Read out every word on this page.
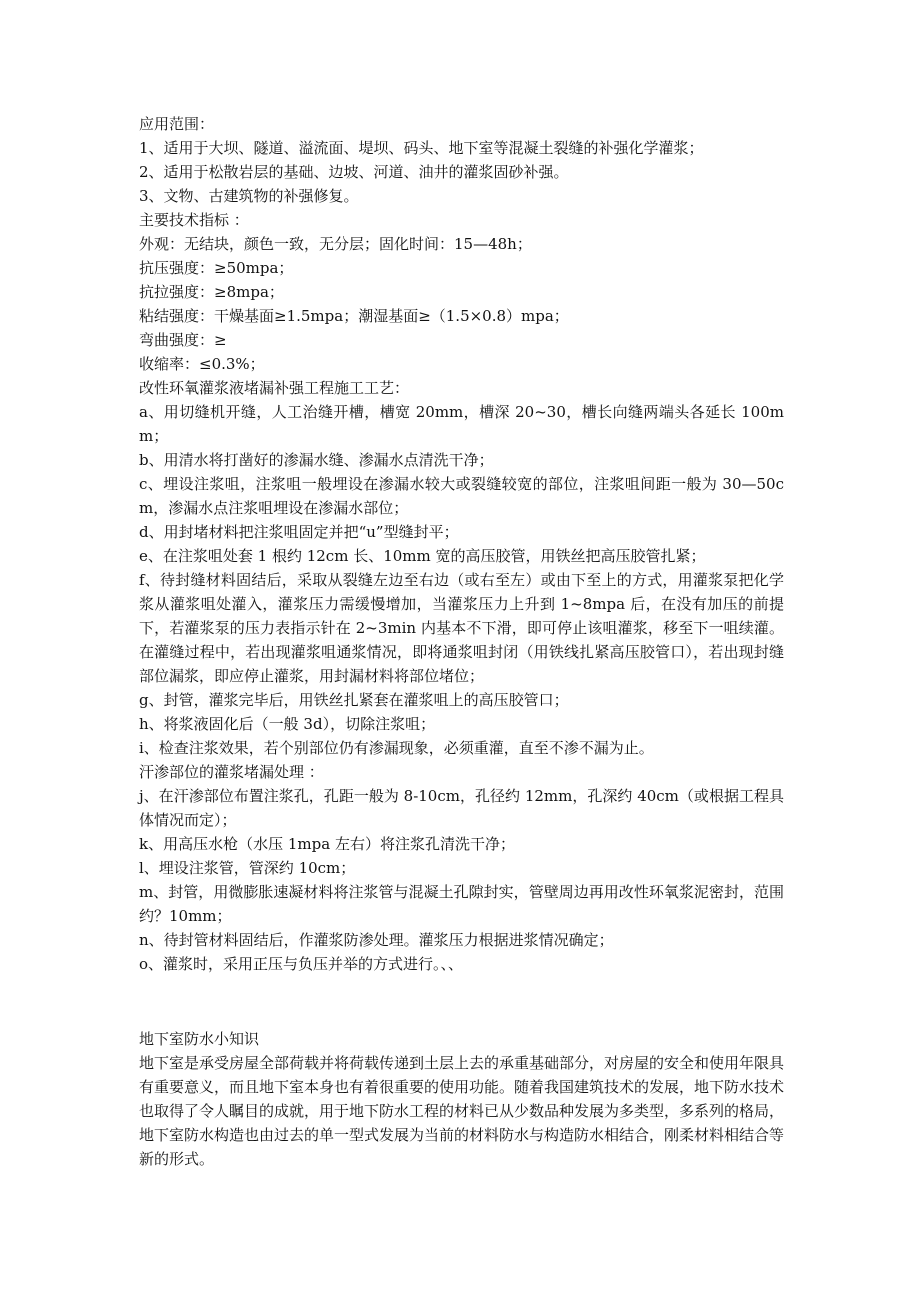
应用范围：
1、适用于大坝、隧道、溢流面、堤坝、码头、地下室等混凝土裂缝的补强化学灌浆；
2、适用于松散岩层的基础、边坡、河道、油井的灌浆固砂补强。
3、文物、古建筑物的补强修复。
主要技术指标 ：
外观：无结块，颜色一致，无分层；固化时间：15—48h；
抗压强度：≥50mpa；
抗拉强度：≥8mpa；
粘结强度：干燥基面≥1.5mpa；潮湿基面≥（1.5×0.8）mpa；
弯曲强度：≥
收缩率：≤0.3%；
改性环氧灌浆液堵漏补强工程施工工艺：
a、用切缝机开缝，人工治缝开槽，槽宽 20mm，槽深 20~30，槽长向缝两端头各延长 100mm；
b、用清水将打凿好的渗漏水缝、渗漏水点清洗干净；
c、埋设注浆咀，注浆咀一般埋设在渗漏水较大或裂缝较宽的部位，注浆咀间距一般为 30—50cm，渗漏水点注浆咀埋设在渗漏水部位；
d、用封堵材料把注浆咀固定并把“u”型缝封平；
e、在注浆咀处套 1 根约 12cm 长、10mm 宽的高压胶管，用铁丝把高压胶管扎紧；
f、待封缝材料固结后，采取从裂缝左边至右边（或右至左）或由下至上的方式，用灌浆泵把化学浆从灌浆咀处灌入，灌浆压力需缓慢增加，当灌浆压力上升到 1~8mpa 后，在没有加压的前提下，若灌浆泵的压力表指示针在 2~3min 内基本不下滑，即可停止该咀灌浆，移至下一咀续灌。在灌缝过程中，若出现灌浆咀通浆情况，即将通浆咀封闭（用铁线扎紧高压胶管口），若出现封缝部位漏浆，即应停止灌浆，用封漏材料将部位堵位；
g、封管，灌浆完毕后，用铁丝扎紧套在灌浆咀上的高压胶管口；
h、将浆液固化后（一般 3d），切除注浆咀；
i、检查注浆效果，若个别部位仍有渗漏现象，必须重灌，直至不渗不漏为止。
汗渗部位的灌浆堵漏处理 ：
j、在汗渗部位布置注浆孔，孔距一般为 8-10cm，孔径约 12mm，孔深约 40cm（或根据工程具体情况而定）；
k、用高压水枪（水压 1mpa 左右）将注浆孔清洗干净；
l、埋设注浆管，管深约 10cm；
m、封管，用微膨胀速凝材料将注浆管与混凝土孔隙封实，管壁周边再用改性环氧浆泥密封，范围约？10mm；
n、待封管材料固结后，作灌浆防渗处理。灌浆压力根据进浆情况确定；
o、灌浆时，采用正压与负压并举的方式进行。、、
地下室防水小知识
地下室是承受房屋全部荷载并将荷载传递到土层上去的承重基础部分，对房屋的安全和使用年限具有重要意义，而且地下室本身也有着很重要的使用功能。随着我国建筑技术的发展，地下防水技术也取得了令人瞩目的成就，用于地下防水工程的材料已从少数品种发展为多类型，多系列的格局，地下室防水构造也由过去的单一型式发展为当前的材料防水与构造防水相结合，刚柔材料相结合等新的形式。
